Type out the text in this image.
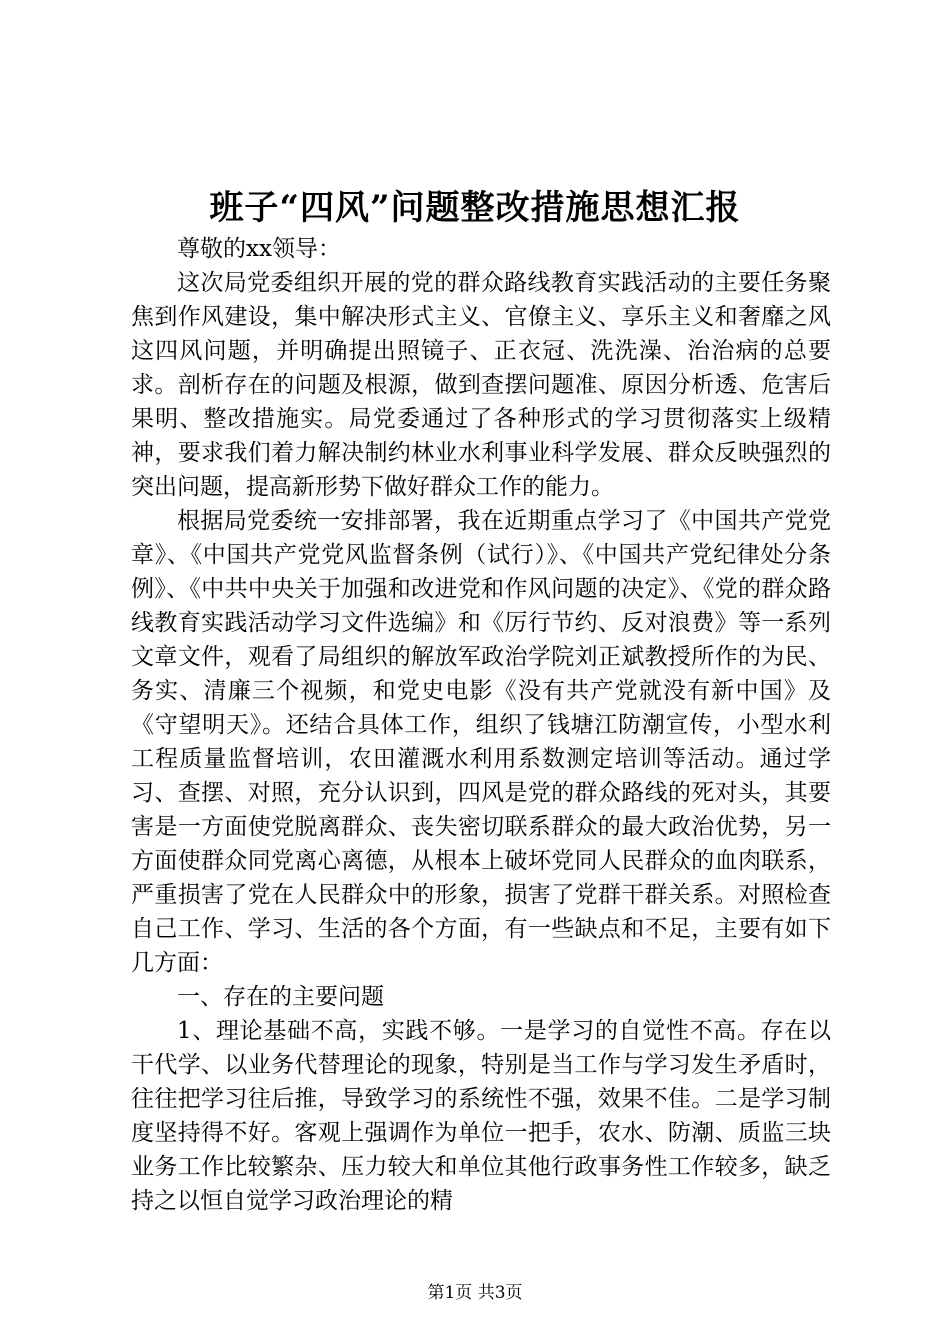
班子“四风”问题整改措施思想汇报

尊敬的xx领导：

这次局党委组织开展的党的群众路线教育实践活动的主要任务聚焦到作风建设，集中解决形式主义、官僚主义、享乐主义和奢靡之风这四风问题，并明确提出照镜子、正衣冠、洗洗澡、治治病的总要求。剖析存在的问题及根源，做到查摆问题准、原因分析透、危害后果明、整改措施实。局党委通过了各种形式的学习贯彻落实上级精神，要求我们着力解决制约林业水利事业科学发展、群众反映强烈的突出问题，提高新形势下做好群众工作的能力。

根据局党委统一安排部署，我在近期重点学习了《中国共产党党章》、《中国共产党党风监督条例（试行）》、《中国共产党纪律处分条例》、《中共中央关于加强和改进党和作风问题的决定》、《党的群众路线教育实践活动学习文件选编》和《厉行节约、反对浪费》等一系列文章文件，观看了局组织的解放军政治学院刘正斌教授所作的为民、务实、清廉三个视频，和党史电影《没有共产党就没有新中国》及《守望明天》。还结合具体工作，组织了钱塘江防潮宣传，小型水利工程质量监督培训，农田灌溉水利用系数测定培训等活动。通过学习、查摆、对照，充分认识到，四风是党的群众路线的死对头，其要害是一方面使党脱离群众、丧失密切联系群众的最大政治优势，另一方面使群众同党离心离德，从根本上破坏党同人民群众的血肉联系，严重损害了党在人民群众中的形象，损害了党群干群关系。对照检查自己工作、学习、生活的各个方面，有一些缺点和不足，主要有如下几方面：

一、存在的主要问题

1、理论基础不高，实践不够。一是学习的自觉性不高。存在以干代学、以业务代替理论的现象，特别是当工作与学习发生矛盾时，往往把学习往后推，导致学习的系统性不强，效果不佳。二是学习制度坚持得不好。客观上强调作为单位一把手，农水、防潮、质监三块业务工作比较繁杂、压力较大和单位其他行政事务性工作较多，缺乏持之以恒自觉学习政治理论的精

第1页 共3页
